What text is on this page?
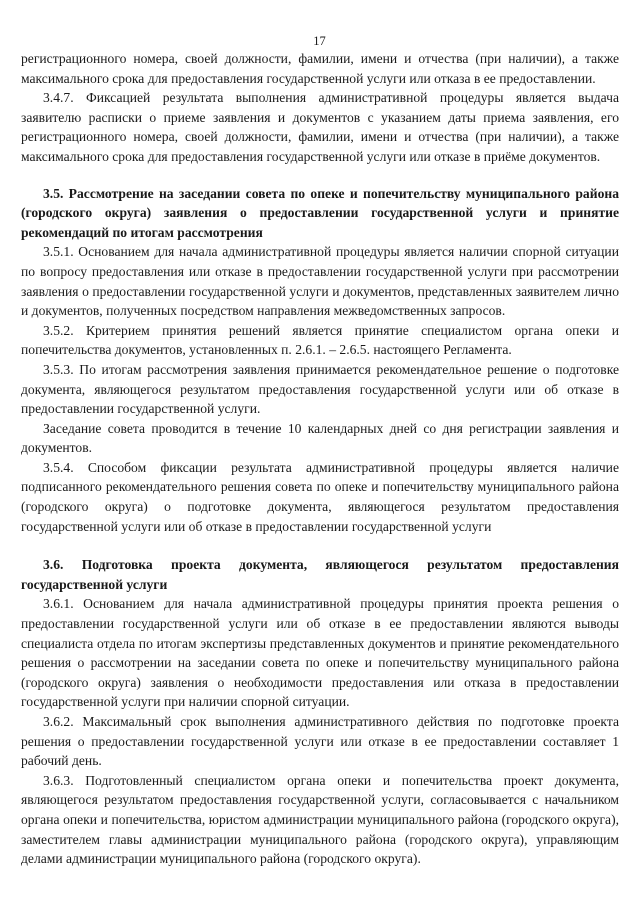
17

регистрационного номера, своей должности, фамилии, имени и отчества (при наличии), а также максимального срока для предоставления государственной услуги или отказа в ее предоставлении.

3.4.7. Фиксацией результата выполнения административной процедуры является выдача заявителю расписки о приеме заявления и документов с указанием даты приема заявления, его регистрационного номера, своей должности, фамилии, имени и отчества (при наличии), а также максимального срока для предоставления государственной услуги или отказе в приёме документов.

3.5. Рассмотрение на заседании совета по опеке и попечительству муниципального района (городского округа) заявления о предоставлении государственной услуги и принятие рекомендаций по итогам рассмотрения

3.5.1. Основанием для начала административной процедуры является наличии спорной ситуации по вопросу предоставления или отказе в предоставлении государственной услуги при рассмотрении заявления о предоставлении государственной услуги и документов, представленных заявителем лично и документов, полученных посредством направления межведомственных запросов.

3.5.2. Критерием принятия решений является принятие специалистом органа опеки и попечительства документов, установленных п. 2.6.1. – 2.6.5. настоящего Регламента.

3.5.3. По итогам рассмотрения заявления принимается рекомендательное решение о подготовке документа, являющегося результатом предоставления государственной услуги или об отказе в предоставлении государственной услуги.

Заседание совета проводится в течение 10 календарных дней со дня регистрации заявления и документов.

3.5.4. Способом фиксации результата административной процедуры является наличие подписанного рекомендательного решения совета по опеке и попечительству муниципального района (городского округа) о подготовке документа, являющегося результатом предоставления государственной услуги или об отказе в предоставлении государственной услуги

3.6. Подготовка проекта документа, являющегося результатом предоставления государственной услуги

3.6.1. Основанием для начала административной процедуры принятия проекта решения о предоставлении государственной услуги или об отказе в ее предоставлении являются выводы специалиста отдела по итогам экспертизы представленных документов и принятие рекомендательного решения о рассмотрении на заседании совета по опеке и попечительству муниципального района (городского округа) заявления о необходимости предоставления или отказа в предоставлении государственной услуги при наличии спорной ситуации.

3.6.2. Максимальный срок выполнения административного действия по подготовке проекта решения о предоставлении государственной услуги или отказе в ее предоставлении составляет 1 рабочий день.

3.6.3. Подготовленный специалистом органа опеки и попечительства проект документа, являющегося результатом предоставления государственной услуги, согласовывается с начальником органа опеки и попечительства, юристом администрации муниципального района (городского округа), заместителем главы администрации муниципального района (городского округа), управляющим делами администрации муниципального района (городского округа).
